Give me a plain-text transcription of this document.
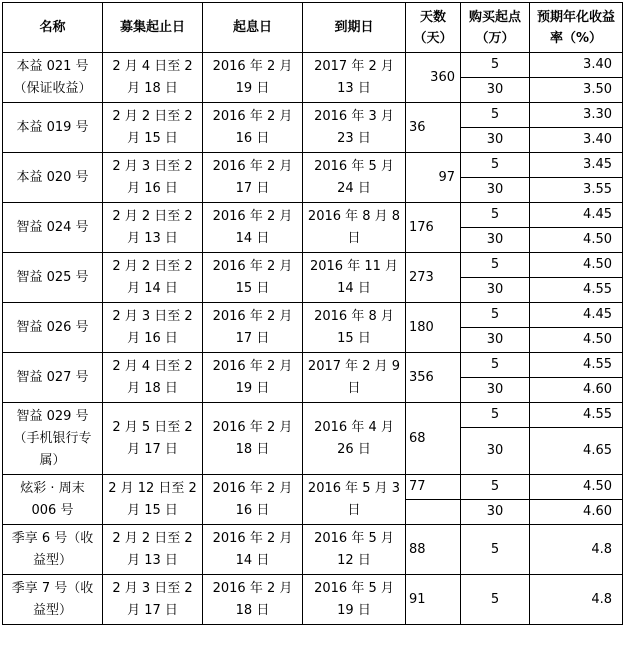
名称	募集起止日	起息日	到期日	天数（天）	购买起点（万）	预期年化收益率（%）
本益 021 号（保证收益）	2 月 4 日至 2 月 18 日	2016 年 2 月 19 日	2017 年 2 月 13 日	360	5	3.40
					30	3.50
本益 019 号	2 月 2 日至 2 月 15 日	2016 年 2 月 16 日	2016 年 3 月 23 日	36	5	3.30
					30	3.40
本益 020 号	2 月 3 日至 2 月 16 日	2016 年 2 月 17 日	2016 年 5 月 24 日	97	5	3.45
					30	3.55
智益 024 号	2 月 2 日至 2 月 13 日	2016 年 2 月 14 日	2016 年 8 月 8 日	176	5	4.45
					30	4.50
智益 025 号	2 月 2 日至 2 月 14 日	2016 年 2 月 15 日	2016 年 11 月 14 日	273	5	4.50
					30	4.55
智益 026 号	2 月 3 日至 2 月 16 日	2016 年 2 月 17 日	2016 年 8 月 15 日	180	5	4.45
					30	4.50
智益 027 号	2 月 4 日至 2 月 18 日	2016 年 2 月 19 日	2017 年 2 月 9 日	356	5	4.55
					30	4.60
智益 029 号（手机银行专属）	2 月 5 日至 2 月 17 日	2016 年 2 月 18 日	2016 年 4 月 26 日	68	5	4.55
					30	4.65
炫彩 · 周末 006 号	2 月 12 日至 2 月 15 日	2016 年 2 月 16 日	2016 年 5 月 3 日	77	5	4.50
					30	4.60
季享 6 号（收益型）	2 月 2 日至 2 月 13 日	2016 年 2 月 14 日	2016 年 5 月 12 日	88	5	4.8
季享 7 号（收益型）	2 月 3 日至 2 月 17 日	2016 年 2 月 18 日	2016 年 5 月 19 日	91	5	4.8
